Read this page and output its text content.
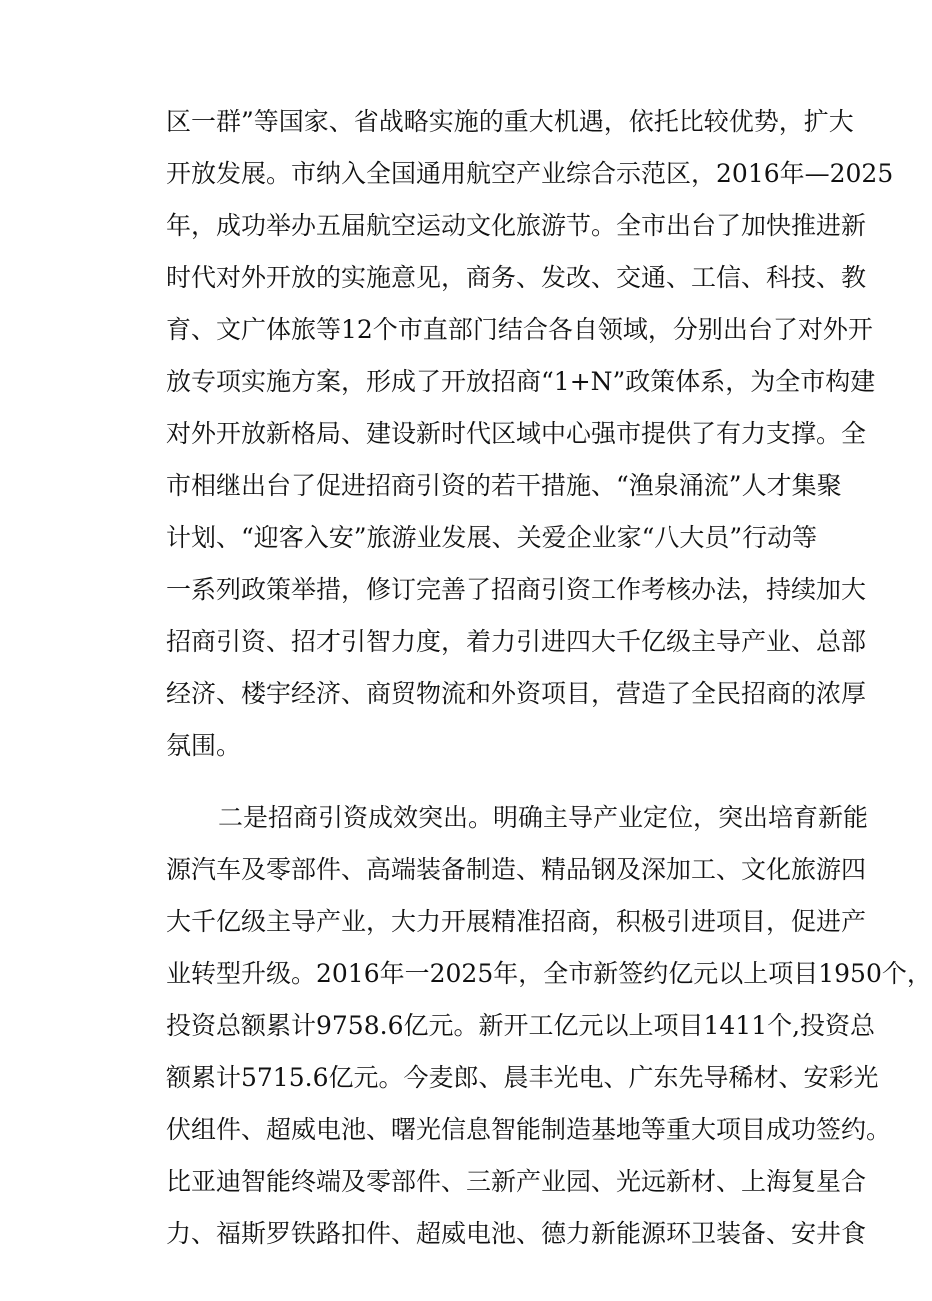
区一群”等国家、省战略实施的重大机遇，依托比较优势，扩大
开放发展。市纳入全国通用航空产业综合示范区，2016年—2025
年，成功举办五届航空运动文化旅游节。全市出台了加快推进新
时代对外开放的实施意见，商务、发改、交通、工信、科技、教
育、文广体旅等12个市直部门结合各自领域，分别出台了对外开
放专项实施方案，形成了开放招商“1+N”政策体系，为全市构建
对外开放新格局、建设新时代区域中心强市提供了有力支撑。全
市相继出台了促进招商引资的若干措施、“渔泉涌流”人才集聚
计划、“迎客入安”旅游业发展、关爱企业家“八大员”行动等
一系列政策举措，修订完善了招商引资工作考核办法，持续加大
招商引资、招才引智力度，着力引进四大千亿级主导产业、总部
经济、楼宇经济、商贸物流和外资项目，营造了全民招商的浓厚
氛围。
二是招商引资成效突出。明确主导产业定位，突出培育新能
源汽车及零部件、高端装备制造、精品钢及深加工、文化旅游四
大千亿级主导产业，大力开展精准招商，积极引进项目，促进产
业转型升级。2016年一2025年，全市新签约亿元以上项目1950个，
投资总额累计9758.6亿元。新开工亿元以上项目1411个,投资总
额累计5715.6亿元。今麦郎、晨丰光电、广东先导稀材、安彩光
伏组件、超威电池、曙光信息智能制造基地等重大项目成功签约。
比亚迪智能终端及零部件、三新产业园、光远新材、上海复星合
力、福斯罗铁路扣件、超威电池、德力新能源环卫装备、安井食
